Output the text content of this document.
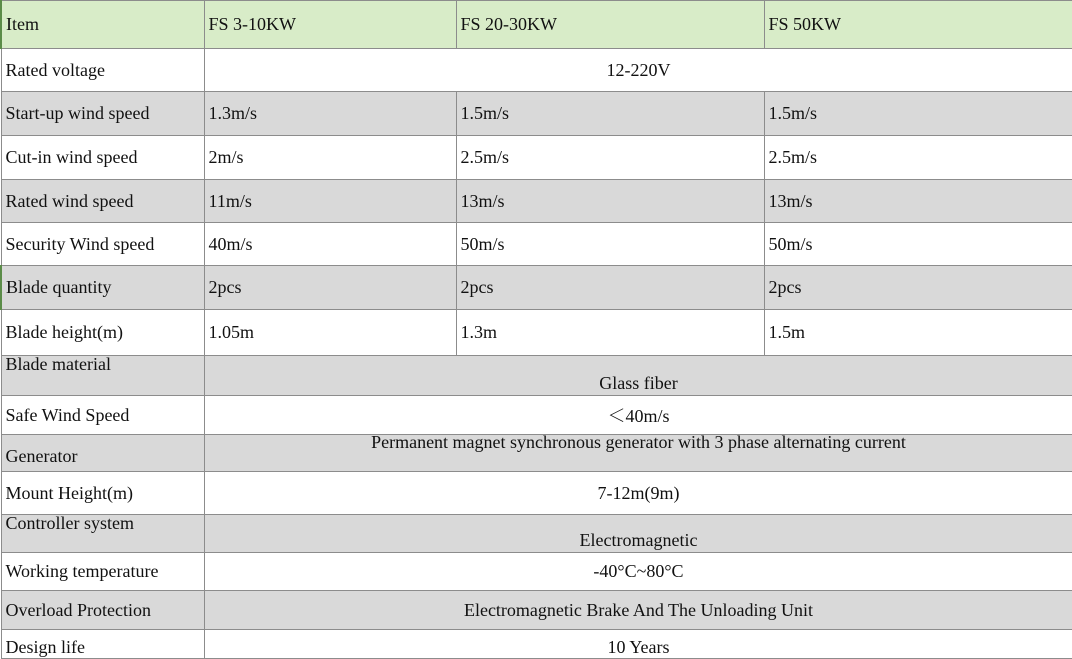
Item	FS 3-10KW	FS 20-30KW	FS 50KW
Rated voltage	12-220V		
Start-up wind speed	1.3m/s	1.5m/s	1.5m/s
Cut-in wind speed	2m/s	2.5m/s	2.5m/s
Rated wind speed	11m/s	13m/s	13m/s
Security Wind speed	40m/s	50m/s	50m/s
Blade quantity	2pcs	2pcs	2pcs
Blade height(m)	1.05m	1.3m	1.5m
Blade material	Glass fiber		
Safe Wind Speed	＜40m/s		
Generator	Permanent magnet synchronous generator with 3 phase alternating current		
Mount Height(m)	7-12m(9m)		
Controller system	Electromagnetic		
Working temperature	-40°C~80°C		
Overload Protection	Electromagnetic Brake And The Unloading Unit		
Design life	10 Years		
